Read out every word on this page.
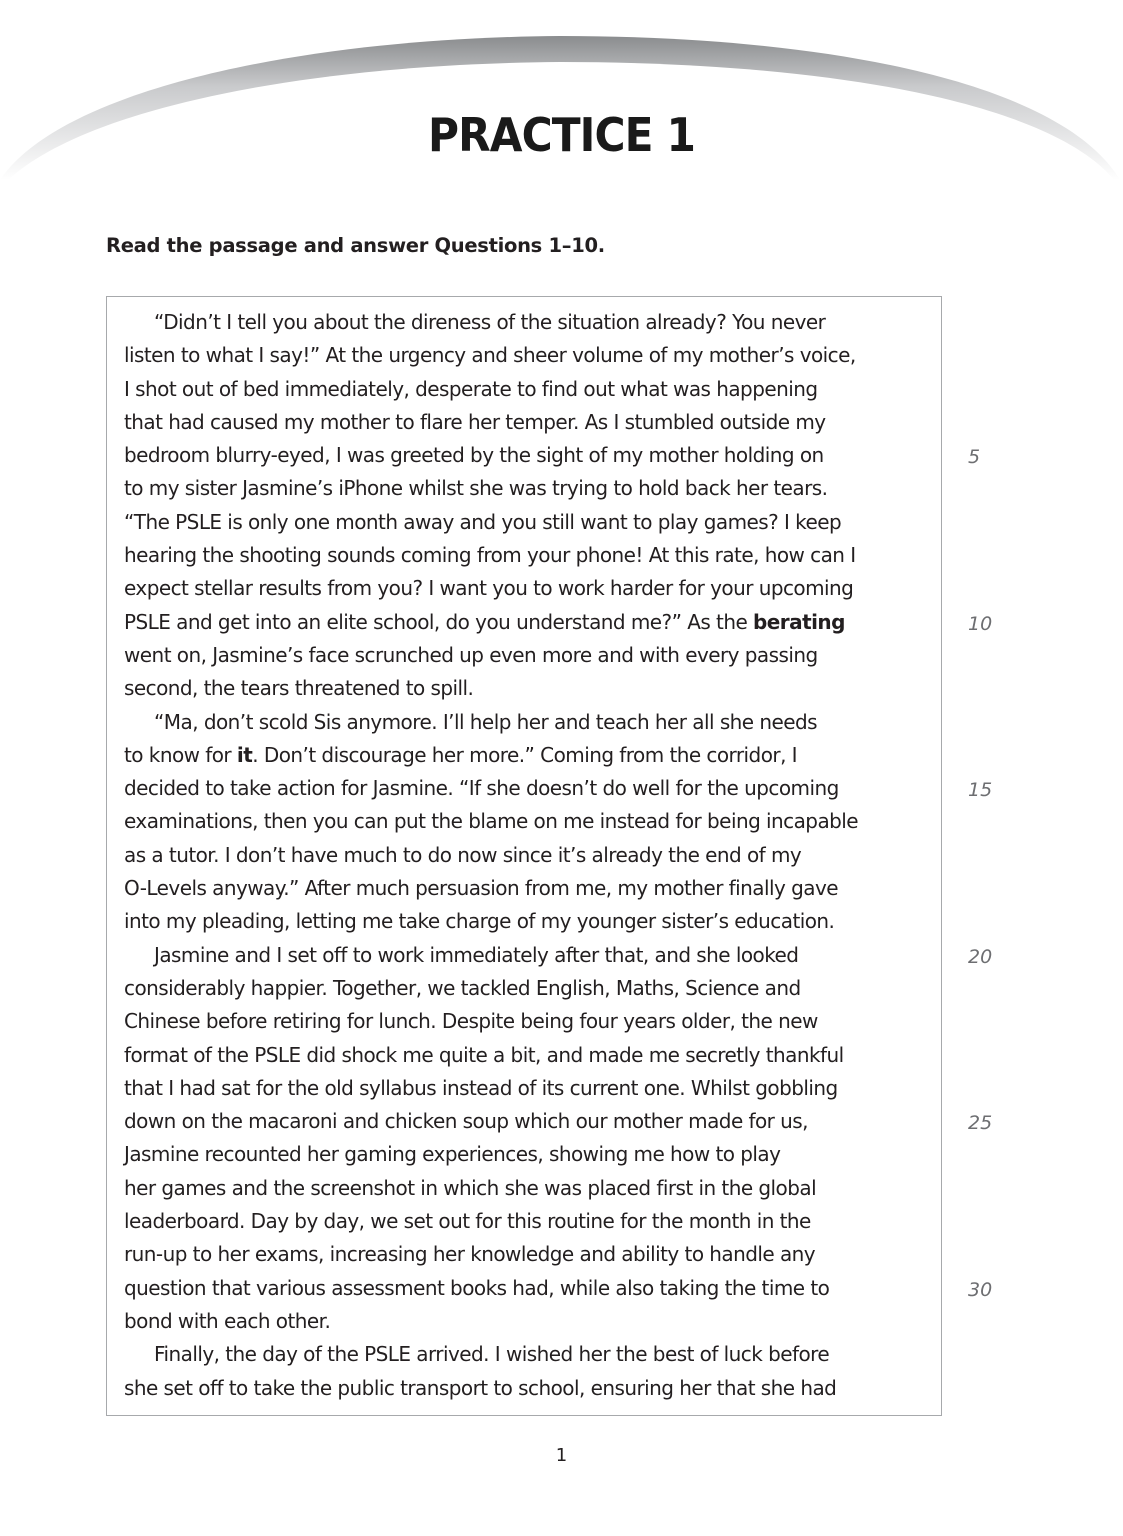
PRACTICE 1
Read the passage and answer Questions 1–10.
“Didn’t I tell you about the direness of the situation already? You never
listen to what I say!” At the urgency and sheer volume of my mother’s voice,
I shot out of bed immediately, desperate to find out what was happening
that had caused my mother to flare her temper. As I stumbled outside my
bedroom blurry-eyed, I was greeted by the sight of my mother holding on
to my sister Jasmine’s iPhone whilst she was trying to hold back her tears.
“The PSLE is only one month away and you still want to play games? I keep
hearing the shooting sounds coming from your phone! At this rate, how can I
expect stellar results from you? I want you to work harder for your upcoming
PSLE and get into an elite school, do you understand me?” As the berating
went on, Jasmine’s face scrunched up even more and with every passing
second, the tears threatened to spill.
“Ma, don’t scold Sis anymore. I’ll help her and teach her all she needs
to know for it. Don’t discourage her more.” Coming from the corridor, I
decided to take action for Jasmine. “If she doesn’t do well for the upcoming
examinations, then you can put the blame on me instead for being incapable
as a tutor. I don’t have much to do now since it’s already the end of my
O-Levels anyway.” After much persuasion from me, my mother finally gave
into my pleading, letting me take charge of my younger sister’s education.
Jasmine and I set off to work immediately after that, and she looked
considerably happier. Together, we tackled English, Maths, Science and
Chinese before retiring for lunch. Despite being four years older, the new
format of the PSLE did shock me quite a bit, and made me secretly thankful
that I had sat for the old syllabus instead of its current one. Whilst gobbling
down on the macaroni and chicken soup which our mother made for us,
Jasmine recounted her gaming experiences, showing me how to play
her games and the screenshot in which she was placed first in the global
leaderboard. Day by day, we set out for this routine for the month in the
run-up to her exams, increasing her knowledge and ability to handle any
question that various assessment books had, while also taking the time to
bond with each other.
Finally, the day of the PSLE arrived. I wished her the best of luck before
she set off to take the public transport to school, ensuring her that she had
5
10
15
20
25
30
1
